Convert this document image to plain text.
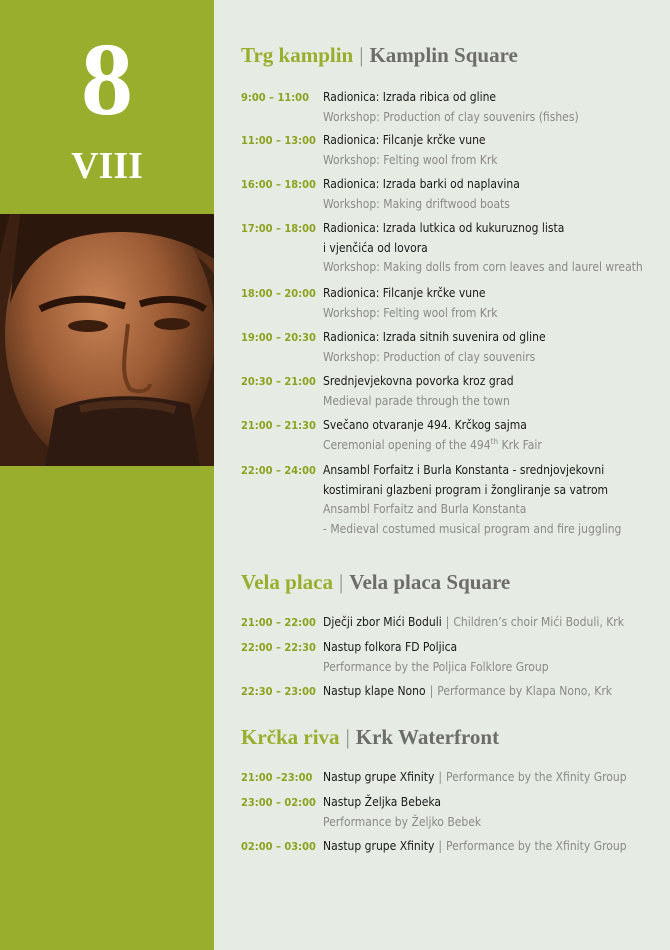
8
VIII
Trg kamplin | Kamplin Square
9:00 – 11:00	Radionica: Izrada ribica od gline
Workshop: Production of clay souvenirs (fishes)
11:00 – 13:00 Radionica: Filcanje krčke vune
Workshop: Felting wool from Krk
16:00 – 18:00 Radionica: Izrada barki od naplavina
Workshop: Making driftwood boats
17:00 – 18:00 Radionica: Izrada lutkica od kukuruznog lista
i vjenčića od lovora
Workshop: Making dolls from corn leaves and laurel wreath
18:00 – 20:00 Radionica: Filcanje krčke vune
Workshop: Felting wool from Krk
19:00 – 20:30 Radionica: Izrada sitnih suvenira od gline
Workshop: Production of clay souvenirs
20:30 – 21:00 Srednjevjekovna povorka kroz grad
Medieval parade through the town
21:00 – 21:30 Svečano otvaranje 494. Krčkog sajma
Ceremonial opening of the 494th Krk Fair
22:00 – 24:00 Ansambl Forfaitz i Burla Konstanta - srednjovjekovni
kostimirani glazbeni program i žongliranje sa vatrom
Ansambl Forfaitz and Burla Konstanta
- Medieval costumed musical program and fire juggling
Vela placa | Vela placa Square
21:00 – 22:00 Dječji zbor Mići Boduli | Children’s choir Mići Boduli, Krk
22:00 – 22:30 Nastup folkora FD Poljica
Performance by the Poljica Folklore Group
22:30 – 23:00 Nastup klape Nono | Performance by Klapa Nono, Krk
Krčka riva | Krk Waterfront
21:00 –23:00 Nastup grupe Xfinity | Performance by the Xfinity Group
23:00 – 02:00 Nastup Željka Bebeka
Performance by Željko Bebek
02:00 – 03:00 Nastup grupe Xfinity | Performance by the Xfinity Group
